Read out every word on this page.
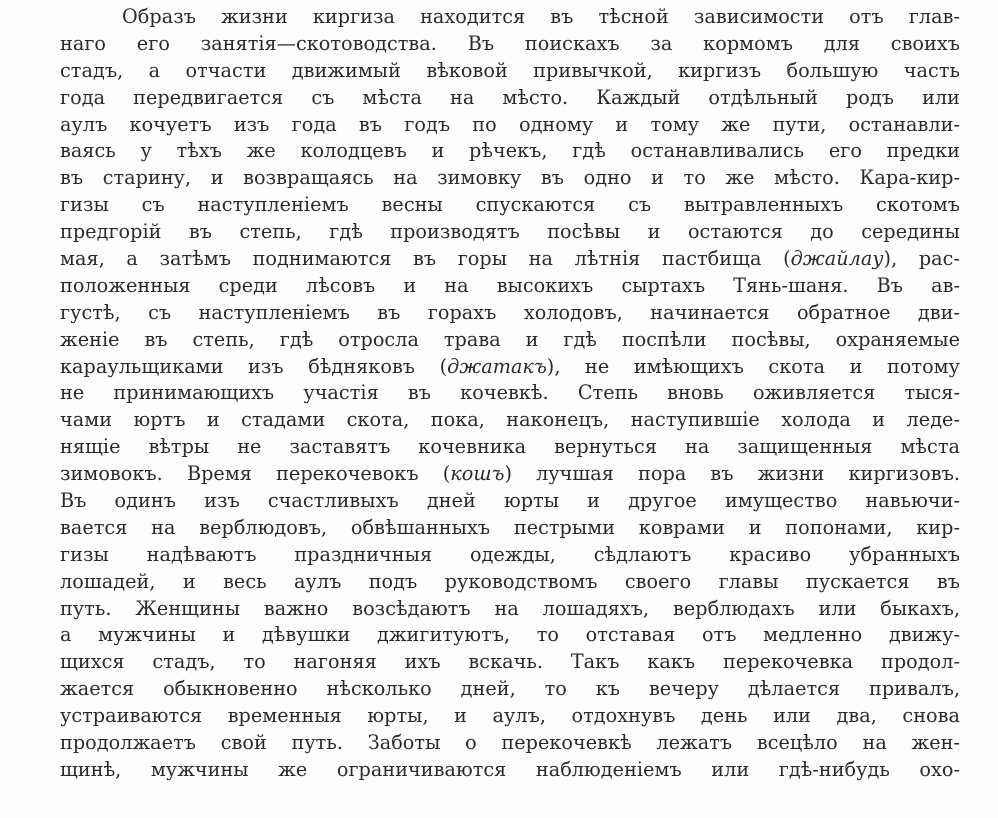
Образъ жизни киргиза находится въ тѣсной зависимости отъ глав-
наго его занятія—скотоводства. Въ поискахъ за кормомъ для своихъ
стадъ, а отчасти движимый вѣковой привычкой, киргизъ большую часть
года передвигается съ мѣста на мѣсто. Каждый отдѣльный родъ или
аулъ кочуетъ изъ года въ годъ по одному и тому же пути, останавли-
ваясь у тѣхъ же колодцевъ и рѣчекъ, гдѣ останавливались его предки
въ старину, и возвращаясь на зимовку въ одно и то же мѣсто. Кара-кир-
гизы съ наступленіемъ весны спускаются съ вытравленныхъ скотомъ
предгорій въ степь, гдѣ производятъ посѣвы и остаются до середины
мая, а затѣмъ поднимаются въ горы на лѣтнія пастбища (джайлау), рас-
положенныя среди лѣсовъ и на высокихъ сыртахъ Тянь-шаня. Въ ав-
густѣ, съ наступленіемъ въ горахъ холодовъ, начинается обратное дви-
женіе въ степь, гдѣ отросла трава и гдѣ поспѣли посѣвы, охраняемые
караульщиками изъ бѣдняковъ (джатакъ), не имѣющихъ скота и потому
не принимающихъ участія въ кочевкѣ. Степь вновь оживляется тыся-
чами юртъ и стадами скота, пока, наконецъ, наступившіе холода и леде-
нящіе вѣтры не заставятъ кочевника вернуться на защищенныя мѣста
зимовокъ. Время перекочевокъ (кошъ) лучшая пора въ жизни киргизовъ.
Въ одинъ изъ счастливыхъ дней юрты и другое имущество навьючи-
вается на верблюдовъ, обвѣшанныхъ пестрыми коврами и попонами, кир-
гизы надѣваютъ праздничныя одежды, сѣдлаютъ красиво убранныхъ
лошадей, и весь аулъ подъ руководствомъ своего главы пускается въ
путь. Женщины важно возсѣдаютъ на лошадяхъ, верблюдахъ или быкахъ,
а мужчины и дѣвушки джигитуютъ, то отставая отъ медленно движу-
щихся стадъ, то нагоняя ихъ вскачь. Такъ какъ перекочевка продол-
жается обыкновенно нѣсколько дней, то къ вечеру дѣлается привалъ,
устраиваются временныя юрты, и аулъ, отдохнувъ день или два, снова
продолжаетъ свой путь. Заботы о перекочевкѣ лежатъ всецѣло на жен-
щинѣ, мужчины же ограничиваются наблюденіемъ или гдѣ-нибудь охо-
